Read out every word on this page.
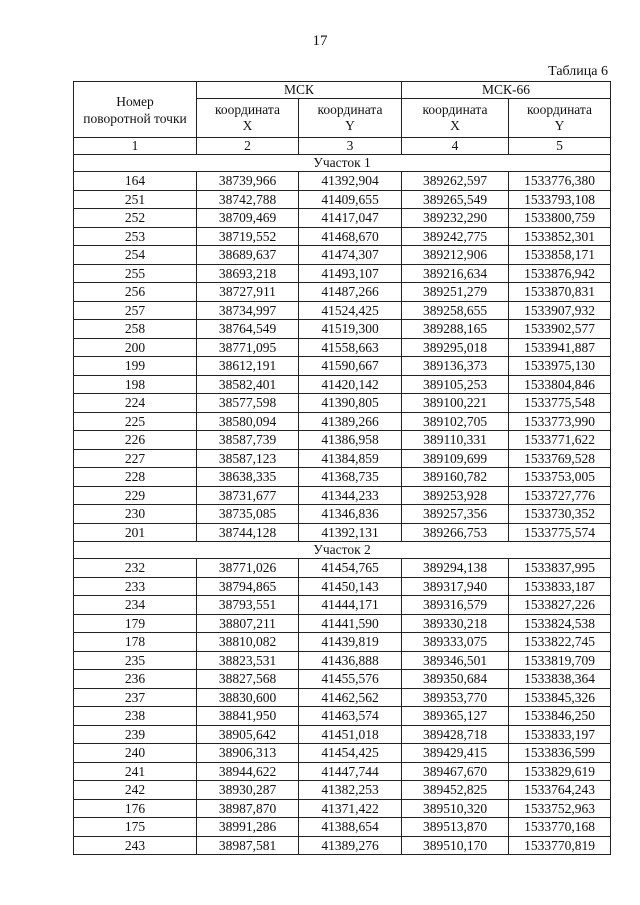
17
Таблица 6
Номер поворотной точки	МСК		МСК-66	
	координата X	координата Y	координата X	координата Y
1	2	3	4	5
Участок 1				
164	38739,966	41392,904	389262,597	1533776,380
251	38742,788	41409,655	389265,549	1533793,108
252	38709,469	41417,047	389232,290	1533800,759
253	38719,552	41468,670	389242,775	1533852,301
254	38689,637	41474,307	389212,906	1533858,171
255	38693,218	41493,107	389216,634	1533876,942
256	38727,911	41487,266	389251,279	1533870,831
257	38734,997	41524,425	389258,655	1533907,932
258	38764,549	41519,300	389288,165	1533902,577
200	38771,095	41558,663	389295,018	1533941,887
199	38612,191	41590,667	389136,373	1533975,130
198	38582,401	41420,142	389105,253	1533804,846
224	38577,598	41390,805	389100,221	1533775,548
225	38580,094	41389,266	389102,705	1533773,990
226	38587,739	41386,958	389110,331	1533771,622
227	38587,123	41384,859	389109,699	1533769,528
228	38638,335	41368,735	389160,782	1533753,005
229	38731,677	41344,233	389253,928	1533727,776
230	38735,085	41346,836	389257,356	1533730,352
201	38744,128	41392,131	389266,753	1533775,574
Участок 2				
232	38771,026	41454,765	389294,138	1533837,995
233	38794,865	41450,143	389317,940	1533833,187
234	38793,551	41444,171	389316,579	1533827,226
179	38807,211	41441,590	389330,218	1533824,538
178	38810,082	41439,819	389333,075	1533822,745
235	38823,531	41436,888	389346,501	1533819,709
236	38827,568	41455,576	389350,684	1533838,364
237	38830,600	41462,562	389353,770	1533845,326
238	38841,950	41463,574	389365,127	1533846,250
239	38905,642	41451,018	389428,718	1533833,197
240	38906,313	41454,425	389429,415	1533836,599
241	38944,622	41447,744	389467,670	1533829,619
242	38930,287	41382,253	389452,825	1533764,243
176	38987,870	41371,422	389510,320	1533752,963
175	38991,286	41388,654	389513,870	1533770,168
243	38987,581	41389,276	389510,170	1533770,819
